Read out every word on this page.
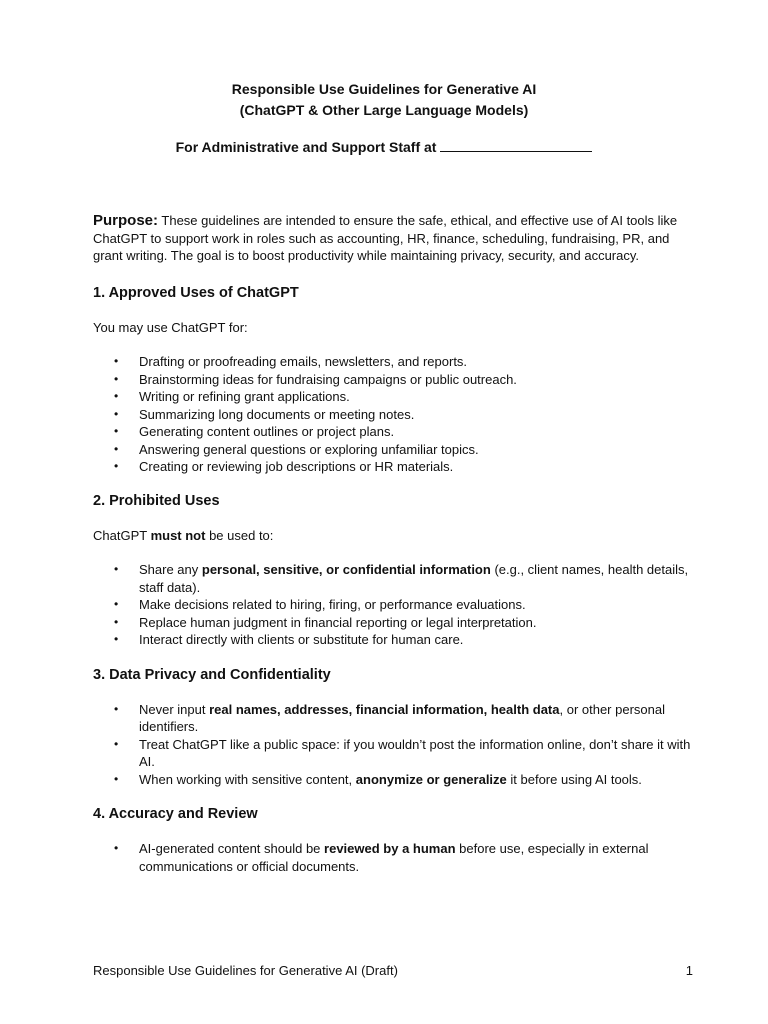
Responsible Use Guidelines for Generative AI

(ChatGPT & Other Large Language Models)

For Administrative and Support Staff at

Purpose: These guidelines are intended to ensure the safe, ethical, and effective use of AI tools like ChatGPT to support work in roles such as accounting, HR, finance, scheduling, fundraising, PR, and grant writing. The goal is to boost productivity while maintaining privacy, security, and accuracy.

1. Approved Uses of ChatGPT

You may use ChatGPT for:

• Drafting or proofreading emails, newsletters, and reports.
• Brainstorming ideas for fundraising campaigns or public outreach.
• Writing or refining grant applications.
• Summarizing long documents or meeting notes.
• Generating content outlines or project plans.
• Answering general questions or exploring unfamiliar topics.
• Creating or reviewing job descriptions or HR materials.
2. Prohibited Uses

ChatGPT must not be used to:

• Share any personal, sensitive, or confidential information (e.g., client names, health details, staff data).
• Make decisions related to hiring, firing, or performance evaluations.
• Replace human judgment in financial reporting or legal interpretation.
• Interact directly with clients or substitute for human care.
3. Data Privacy and Confidentiality
• Never input real names, addresses, financial information, health data, or other personal identifiers.
• Treat ChatGPT like a public space: if you wouldn’t post the information online, don’t share it with AI.
• When working with sensitive content, anonymize or generalize it before using AI tools.
4. Accuracy and Review
• AI-generated content should be reviewed by a human before use, especially in external communications or official documents.
Responsible Use Guidelines for Generative AI (Draft)	1
